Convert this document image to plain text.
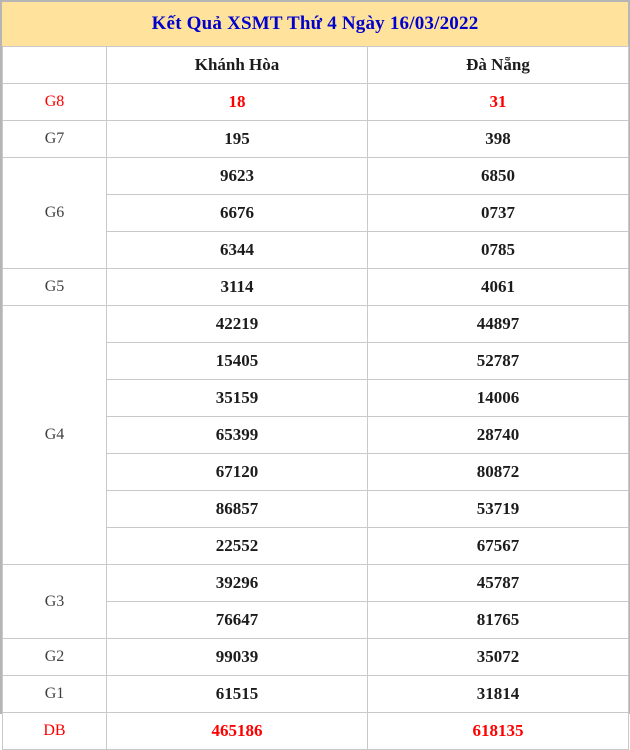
Kết Quả XSMT Thứ 4 Ngày 16/03/2022
	Khánh Hòa	Đà Nẵng
G8	18	31
G7	195	398
G6	9623	6850
	6676	0737
	6344	0785
G5	3114	4061
G4	42219	44897
	15405	52787
	35159	14006
	65399	28740
	67120	80872
	86857	53719
	22552	67567
G3	39296	45787
	76647	81765
G2	99039	35072
G1	61515	31814
DB	465186	618135
